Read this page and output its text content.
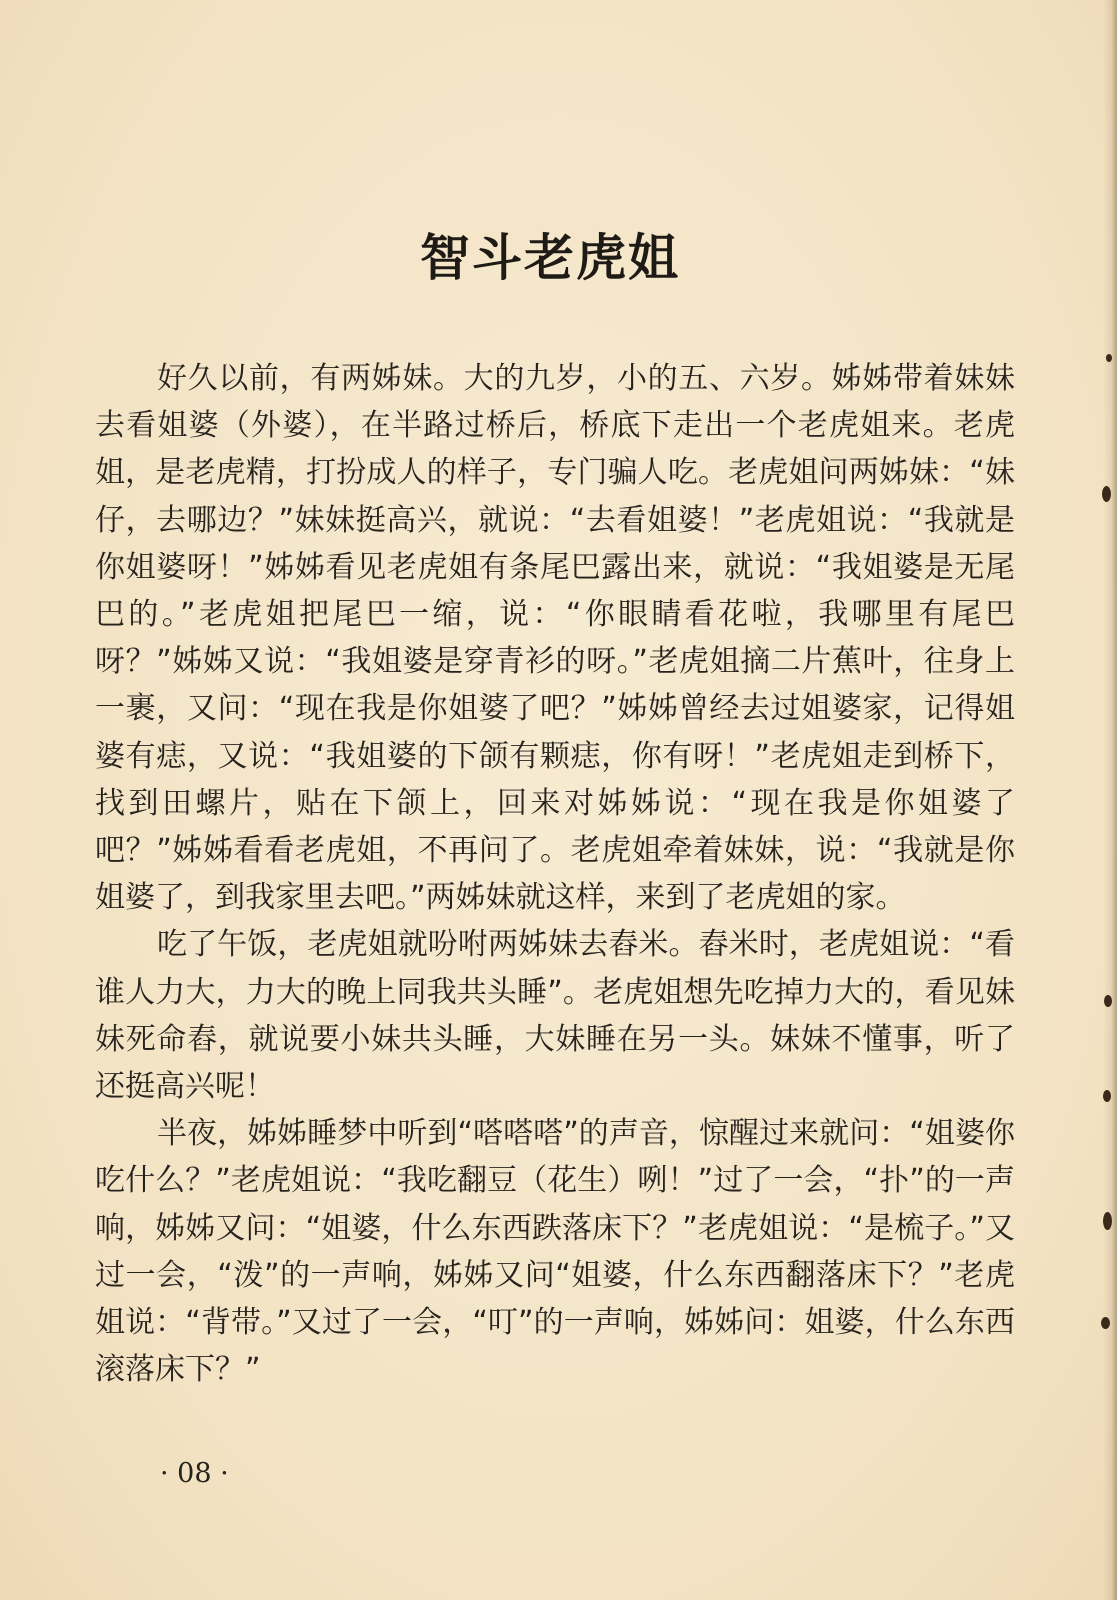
智斗老虎姐

好久以前，有两姊妹。大的九岁，小的五、六岁。姊姊带着妹妹去看姐婆（外婆），在半路过桥后，桥底下走出一个老虎姐来。老虎姐，是老虎精，打扮成人的样子，专门骗人吃。老虎姐问两姊妹：“妹仔，去哪边？”妹妹挺高兴，就说：“去看姐婆！”老虎姐说：“我就是你姐婆呀！”姊姊看见老虎姐有条尾巴露出来，就说：“我姐婆是无尾巴的。”老虎姐把尾巴一缩，说：“你眼睛看花啦，我哪里有尾巴呀？”姊姊又说：“我姐婆是穿青衫的呀。”老虎姐摘二片蕉叶，往身上一裹，又问：“现在我是你姐婆了吧？”姊姊曾经去过姐婆家，记得姐婆有痣，又说：“我姐婆的下颌有颗痣，你有呀！”老虎姐走到桥下，找到田螺片，贴在下颌上，回来对姊姊说：“现在我是你姐婆了吧？”姊姊看看老虎姐，不再问了。老虎姐牵着妹妹，说：“我就是你姐婆了，到我家里去吧。”两姊妹就这样，来到了老虎姐的家。

吃了午饭，老虎姐就吩咐两姊妹去舂米。舂米时，老虎姐说：“看谁人力大，力大的晚上同我共头睡”。老虎姐想先吃掉力大的，看见妹妹死命舂，就说要小妹共头睡，大妹睡在另一头。妹妹不懂事，听了还挺高兴呢！

半夜，姊姊睡梦中听到“嗒嗒嗒”的声音，惊醒过来就问：“姐婆你吃什么？”老虎姐说：“我吃翻豆（花生）咧！”过了一会，“扑”的一声响，姊姊又问：“姐婆，什么东西跌落床下？”老虎姐说：“是梳子。”又过一会，“泼”的一声响，姊姊又问“姐婆，什么东西翻落床下？”老虎姐说：“背带。”又过了一会，“叮”的一声响，姊姊问：姐婆，什么东西滚落床下？”

· 08 ·
